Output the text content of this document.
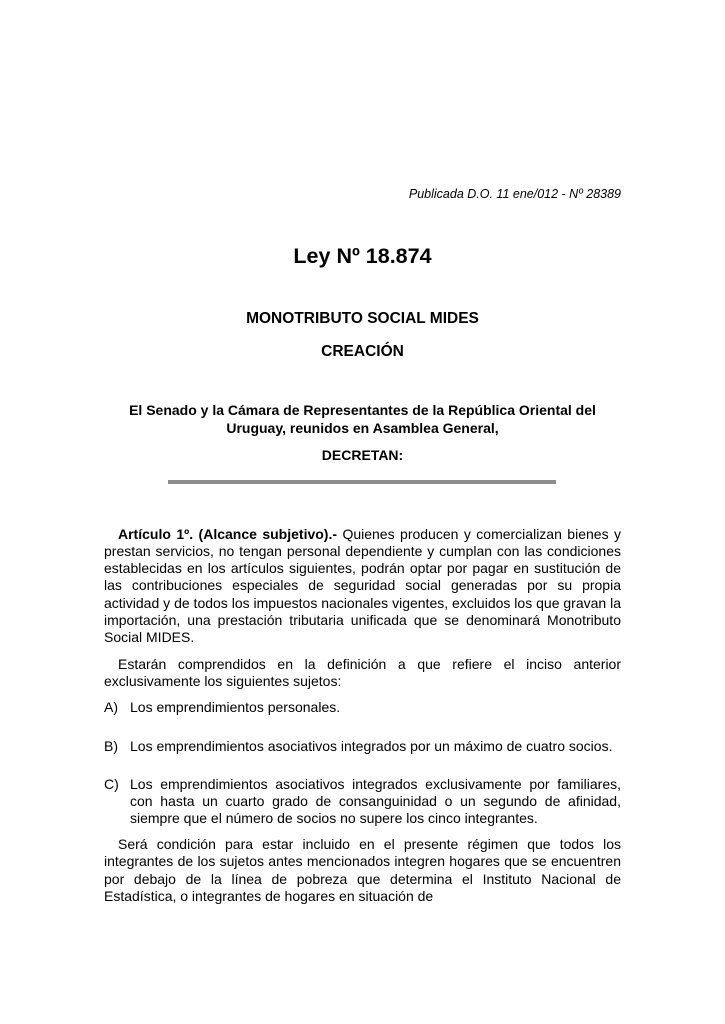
Publicada D.O. 11 ene/012 - Nº 28389
Ley Nº 18.874
MONOTRIBUTO SOCIAL MIDES
CREACIÓN
El Senado y la Cámara de Representantes de la República Oriental del Uruguay, reunidos en Asamblea General,
DECRETAN:

Artículo 1º. (Alcance subjetivo).- Quienes producen y comercializan bienes y prestan servicios, no tengan personal dependiente y cumplan con las condiciones establecidas en los artículos siguientes, podrán optar por pagar en sustitución de las contribuciones especiales de seguridad social generadas por su propia actividad y de todos los impuestos nacionales vigentes, excluidos los que gravan la importación, una prestación tributaria unificada que se denominará Monotributo Social MIDES.

Estarán comprendidos en la definición a que refiere el inciso anterior exclusivamente los siguientes sujetos:

A) Los emprendimientos personales.
B) Los emprendimientos asociativos integrados por un máximo de cuatro socios.
C) Los emprendimientos asociativos integrados exclusivamente por familiares, con hasta un cuarto grado de consanguinidad o un segundo de afinidad, siempre que el número de socios no supere los cinco integrantes.

Será condición para estar incluido en el presente régimen que todos los integrantes de los sujetos antes mencionados integren hogares que se encuentren por debajo de la línea de pobreza que determina el Instituto Nacional de Estadística, o integrantes de hogares en situación de
